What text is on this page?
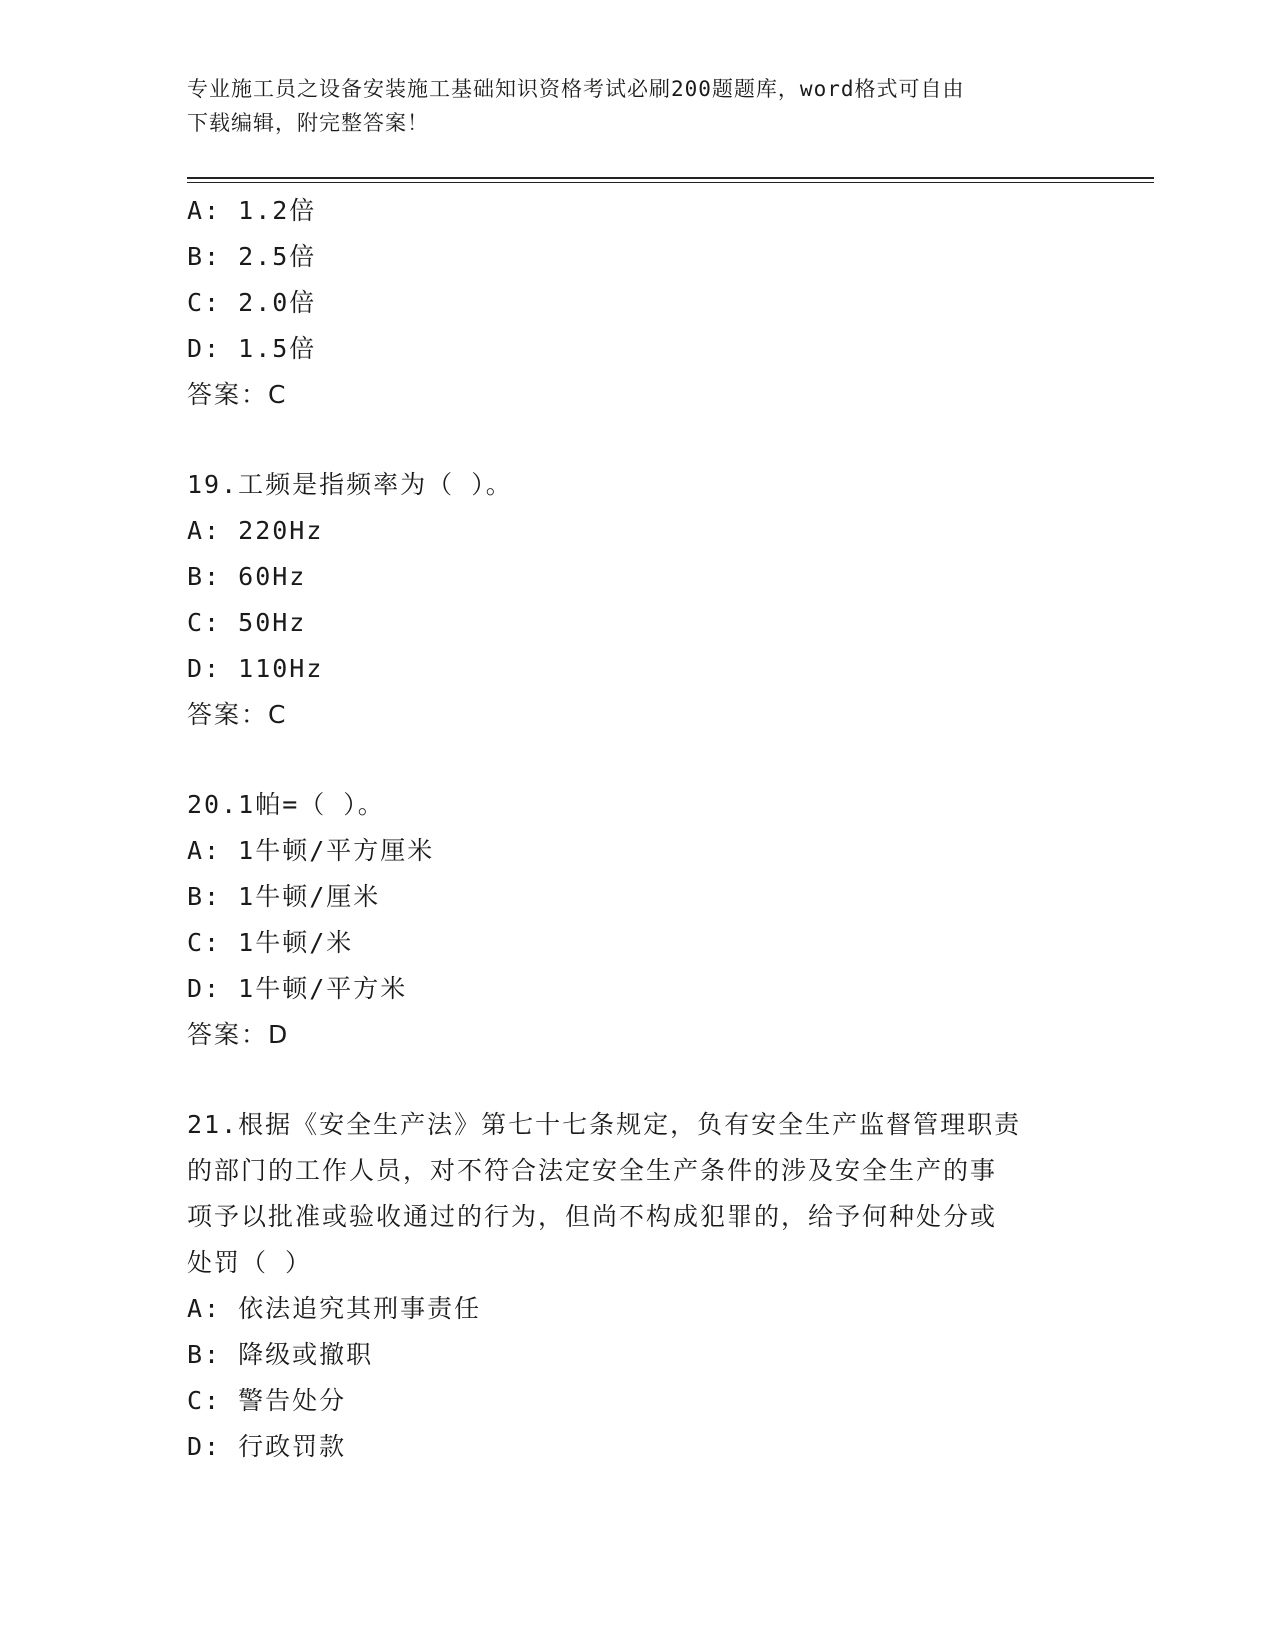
专业施工员之设备安装施工基础知识资格考试必刷200题题库，word格式可自由
下载编辑，附完整答案！
A: 1.2倍
B: 2.5倍
C: 2.0倍
D: 1.5倍
答案：C
19.工频是指频率为（ ）。
A: 220Hz
B: 60Hz
C: 50Hz
D: 110Hz
答案：C
20.1帕=（ ）。
A: 1牛顿/平方厘米
B: 1牛顿/厘米
C: 1牛顿/米
D: 1牛顿/平方米
答案：D
21.根据《安全生产法》第七十七条规定，负有安全生产监督管理职责
的部门的工作人员，对不符合法定安全生产条件的涉及安全生产的事
项予以批准或验收通过的行为，但尚不构成犯罪的，给予何种处分或
处罚（ ）
A: 依法追究其刑事责任
B: 降级或撤职
C: 警告处分
D: 行政罚款
